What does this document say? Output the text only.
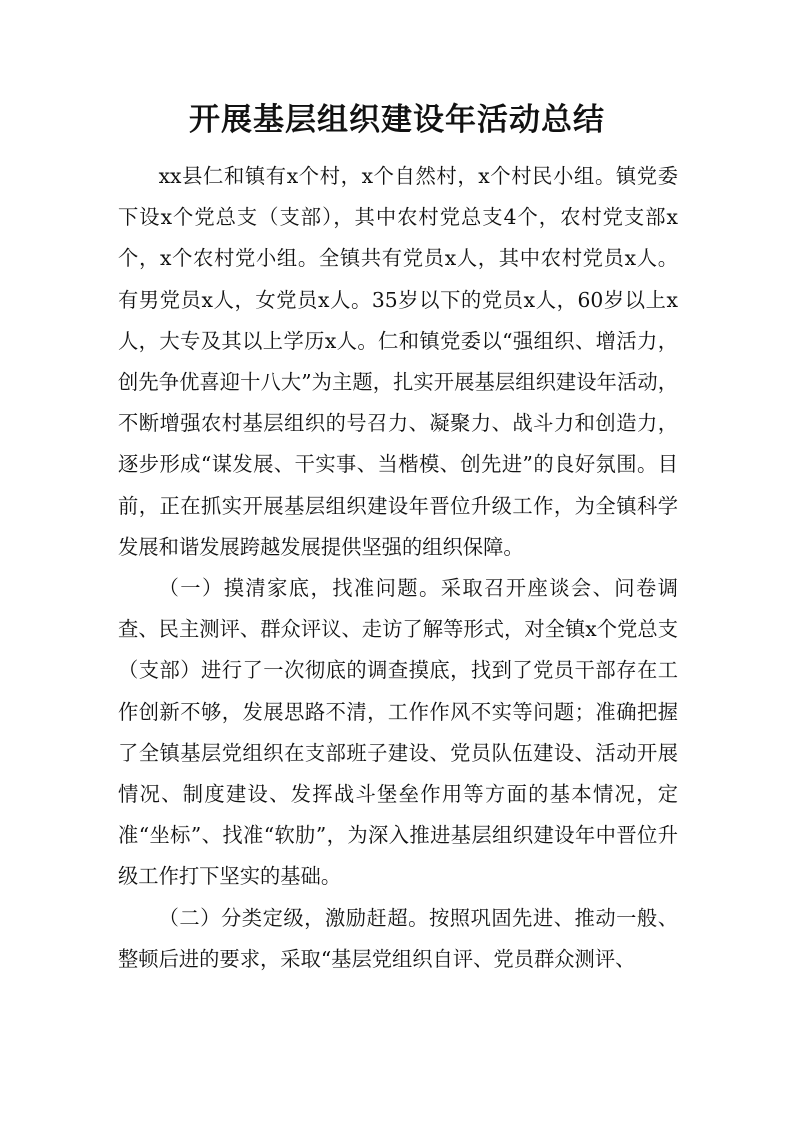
开展基层组织建设年活动总结

xx县仁和镇有x个村，x个自然村，x个村民小组。镇党委下设x个党总支（支部），其中农村党总支4个，农村党支部x个，x个农村党小组。全镇共有党员x人，其中农村党员x人。有男党员x人，女党员x人。35岁以下的党员x人，60岁以上x人，大专及其以上学历x人。仁和镇党委以“强组织、增活力，创先争优喜迎十八大”为主题，扎实开展基层组织建设年活动，不断增强农村基层组织的号召力、凝聚力、战斗力和创造力，逐步形成“谋发展、干实事、当楷模、创先进”的良好氛围。目前，正在抓实开展基层组织建设年晋位升级工作，为全镇科学发展和谐发展跨越发展提供坚强的组织保障。

（一）摸清家底，找准问题。采取召开座谈会、问卷调查、民主测评、群众评议、走访了解等形式，对全镇x个党总支（支部）进行了一次彻底的调查摸底，找到了党员干部存在工作创新不够，发展思路不清，工作作风不实等问题；准确把握了全镇基层党组织在支部班子建设、党员队伍建设、活动开展情况、制度建设、发挥战斗堡垒作用等方面的基本情况，定准“坐标”、找准“软肋”，为深入推进基层组织建设年中晋位升级工作打下坚实的基础。

（二）分类定级，激励赶超。按照巩固先进、推动一般、整顿后进的要求，采取“基层党组织自评、党员群众测评、
